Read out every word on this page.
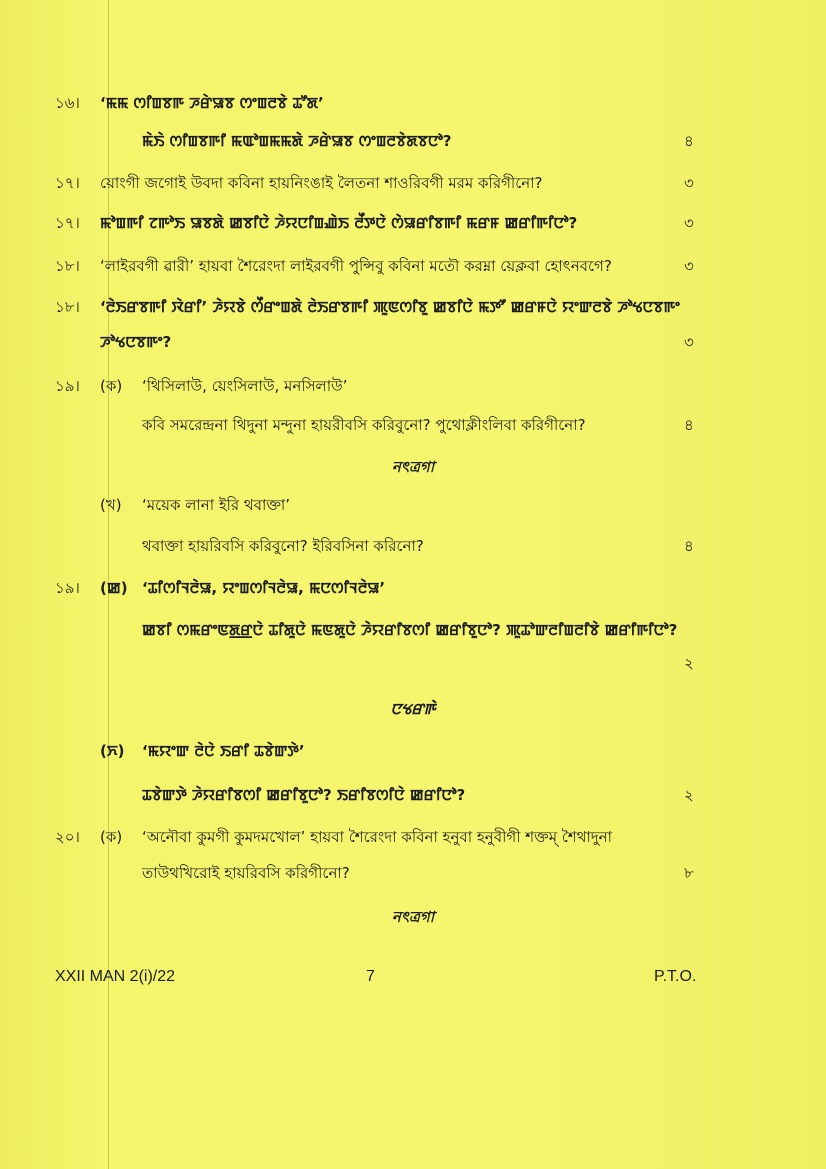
১৬। ‘ꯃꯃ ꯁꯤꯡꯕꯒ ꯍꯔꯥꯎꯕ ꯁꯦꯡꯂꯕꯥ ꯊꯧꯗ’
ꯃꯥꯏꯥ ꯁꯤꯡꯕꯒꯤ ꯃꯑꯣꯡꯃꯃꯗꯥ ꯍꯔꯥꯎꯕ ꯁꯦꯡꯂꯕꯥꯗꯕꯅꯣ?	৪
১৭। য়োংগী জগোই উবদা কবিনা হায়নিংঙাই লৈতনা শাওরিবগী মরম করিগীনো?	৩
১৭। ꯃꯣꯡꯒꯤ ꯖꯒꯣꯏ ꯎꯕꯗꯥ ꯀꯕꯤꯅꯥ ꯍꯥꯌꯅꯤꯡꯉꯥꯏ ꯂꯩꯇꯅꯥ ꯁꯥꯎꯔꯤꯕꯒꯤ ꯃꯔꯝ ꯀꯔꯤꯒꯤꯅꯣ?	৩
১৮। ‘লাইরবগী ৱারী’ হায়বা শৈরেংদা লাইরবগী পুন্সিবু কবিনা মতৌ করম্না য়েক্লবা হোৎনবগে?	৩
১৮। ‘ꯂꯥꯏꯔꯕꯒꯤ ꯋꯥꯔꯤ’ ꯍꯥꯌꯕꯥ ꯁꯩꯔꯦꯡꯗꯥ ꯂꯥꯏꯔꯕꯒꯤ ꯄꯨꯟꯁꯤꯕꯨ ꯀꯕꯤꯅꯥ ꯃꯇꯧ ꯀꯔꯝꯅꯥ ꯌꯦꯛꯂꯕꯥ ꯍꯣꯠꯅꯕꯒꯦ
ꯍꯣꯠꯅꯕꯒꯦ?	৩
১৯। (ক) ‘থিসিলাউ, য়েংসিলাউ, মনসিলাউ’
কবি সমরেন্দ্রনা থিদুনা মন্দুনা হায়রীবসি করিবুনো? পুথোক্লীংলিবা করিগীনো?	৪
নৎত্রগা
(খ) ‘ময়েক লানা ইরি থবাক্তা’
থবাক্তা হায়রিবসি করিবুনো? ইরিবসিনা করিনো?	৪
১৯। (ꯀ) ‘ꯊꯤꯁꯤꯜꯂꯥꯎ, ꯌꯦꯡꯁꯤꯜꯂꯥꯎ, ꯃꯅꯁꯤꯜꯂꯥꯎ’
ꯀꯕꯤ ꯁꯃꯔꯦꯟꯗ꯭ꯔꯅꯥ ꯊꯤꯗꯨꯅꯥ ꯃꯟꯗꯨꯅꯥ ꯍꯥꯌꯔꯤꯕꯁꯤ ꯀꯔꯤꯕꯨꯅꯣ? ꯄꯨꯊꯣꯛꯂꯤꯡꯂꯤꯕꯥ ꯀꯔꯤꯒꯤꯅꯣ?
২
ꯅꯠꯔꯒꯥ
(ꯈ) ‘ꯃꯌꯦꯛ ꯂꯥꯅꯥ ꯏꯔꯤ ꯊꯕꯥꯛꯇꯥ’
ꯊꯕꯥꯛꯇꯥ ꯍꯥꯌꯔꯤꯕꯁꯤ ꯀꯔꯤꯕꯨꯅꯣ? ꯏꯔꯤꯕꯁꯤꯅꯥ ꯀꯔꯤꯅꯣ?	২
২০। (ক) ‘অনৌবা কুমগী কুমদমখোল’ হায়বা শৈরেংদা কবিনা হনুবা হনুবীগী শক্তম্ শৈথাদুনা
তাউথখিরোই হায়রিবসি করিগীনো?	৮
নৎত্রগা
XXII MAN 2(i)/22	7	P.T.O.
